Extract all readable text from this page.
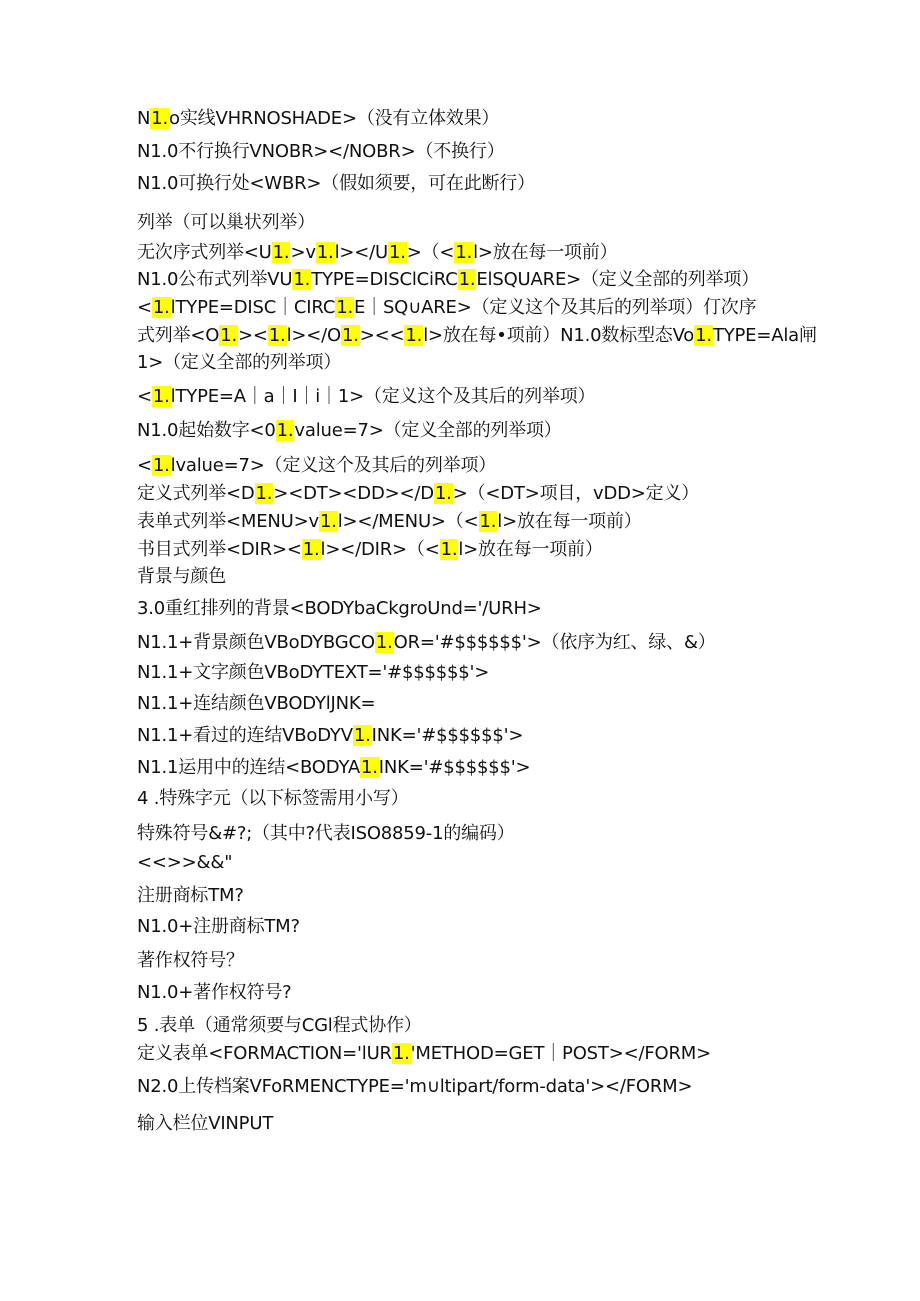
N1.o实线VHRNOSHADE>（没有立体效果）
N1.0不行换行VNOBR></NOBR>（不换行）
N1.0可换行处<WBR>（假如须要，可在此断行）
列举（可以巢状列举）
无次序式列举<U1.>v1.l></U1.>（<1.l>放在每一项前）
N1.0公布式列举VU1.TYPE=DISClCiRC1.ElSQUARE>（定义全部的列举项）
<1.lTYPE=DISC｜CIRC1.E｜SQ∪ARE>（定义这个及其后的列举项）仃次序
式列举<O1.><1.l></O1.><<1.l>放在每•项前）N1.0数标型态Vo1.TYPE=Ala闸
1>（定义全部的列举项）
<1.lTYPE=A｜a｜I｜i｜1>（定义这个及其后的列举项）
N1.0起始数字<01.value=7>（定义全部的列举项）
<1.lvalue=7>（定义这个及其后的列举项）
定义式列举<D1.><DT><DD></D1.>（<DT>项目，vDD>定义）
表单式列举<MENU>v1.l></MENU>（<1.l>放在每一项前）
书目式列举<DIR><1.l></DIR>（<1.l>放在每一项前）
背景与颜色
3.0重红排列的背景<BODYbaCkgroUnd='/URH>
N1.1+背景颜色VBoDYBGCO1.OR='#$$$$$$'>（依序为红、绿、&）
N1.1+文字颜色VBoDYTEXT='#$$$$$$'>
N1.1+连结颜色VBODYlJNK=
N1.1+看过的连结VBoDYV1.INK='#$$$$$$'>
N1.1运用中的连结<BODYA1.INK='#$$$$$$'>
4 .特殊字元（以下标签需用小写）
特殊符号&#?;（其中?代表ISO8859-1的编码）
<<>>&&"
注册商标TM?
N1.0+注册商标TM?
著作权符号？
N1.0+著作权符号?
5 .表单（通常须要与CGl程式协作）
定义表单<FORMACTION='lUR1.'METHOD=GET｜POST></FORM>
N2.0上传档案VFoRMENCTYPE='m∪ltipart/form-data'></FORM>
输入栏位VINPUT
